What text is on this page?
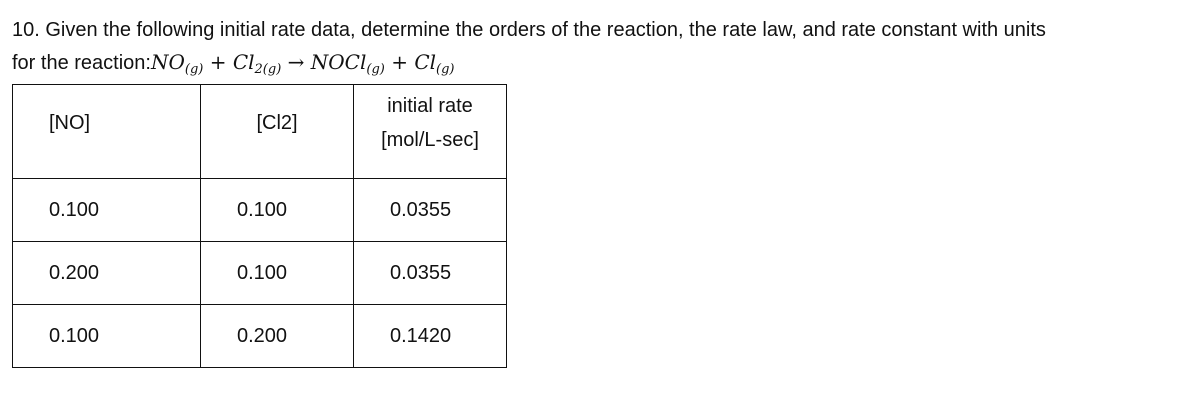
10. Given the following initial rate data, determine the orders of the reaction, the rate law, and rate constant with units
for the $reaction:NO_{(g)} + Cl_{2(g)}$ → NOCl$_{(g)}$ + $Cl_{(g)}$
[NO]	[Cl2]	initial rate
[mol/L-sec]

0.100	0.100	0.0355
0.200	0.100	0.0355
0.100	0.200	0.1420
